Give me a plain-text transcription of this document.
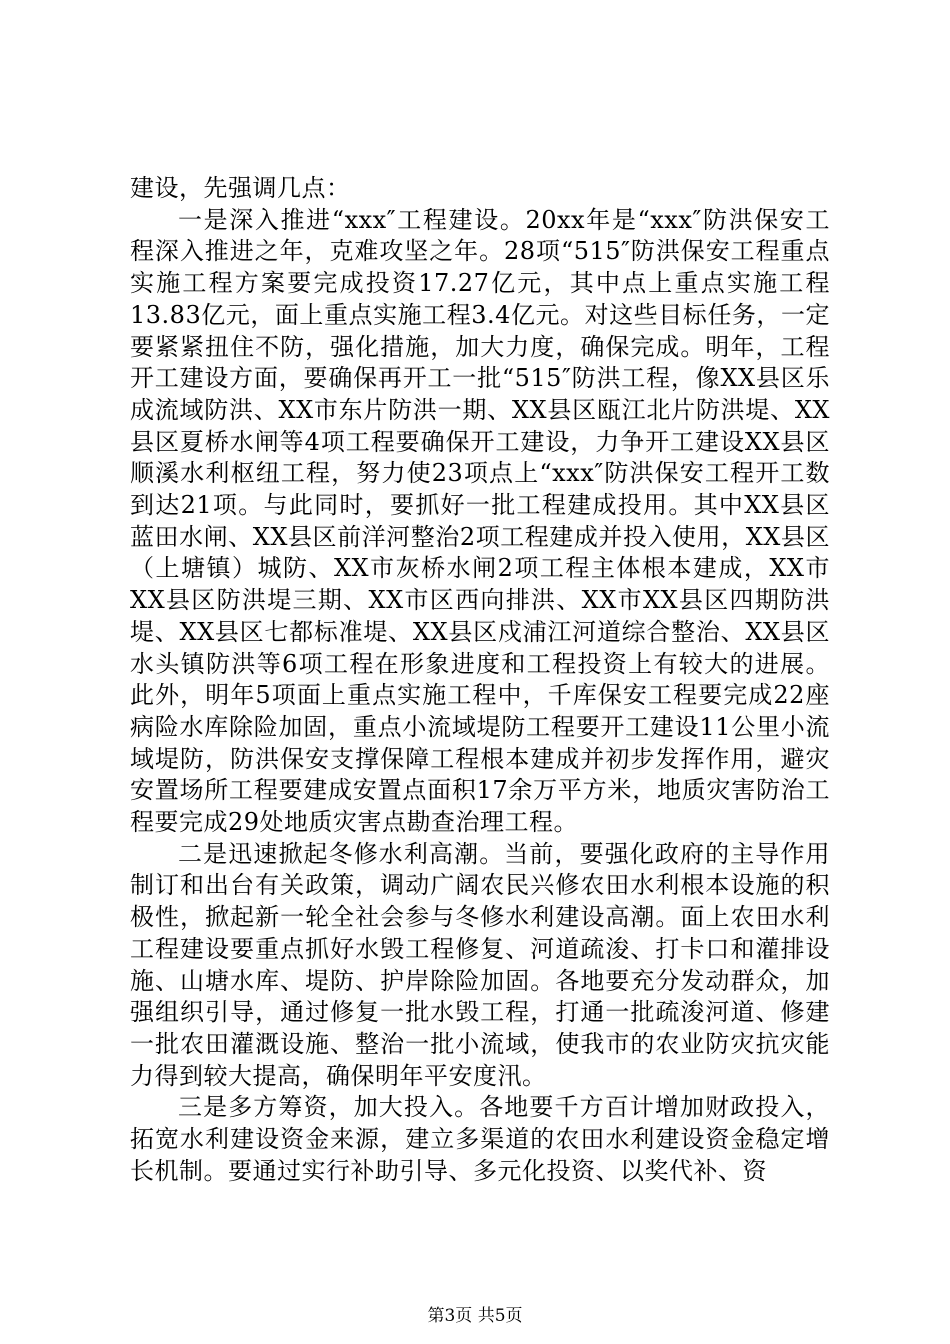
建设，先强调几点：

一是深入推进“xxx″工程建设。20xx年是“xxx″防洪保安工程深入推进之年，克难攻坚之年。28项“515″防洪保安工程重点实施工程方案要完成投资17.27亿元，其中点上重点实施工程13.83亿元，面上重点实施工程3.4亿元。对这些目标任务，一定要紧紧扭住不防，强化措施，加大力度，确保完成。明年，工程开工建设方面，要确保再开工一批“515″防洪工程，像XX县区乐成流域防洪、XX市东片防洪一期、XX县区瓯江北片防洪堤、XX县区夏桥水闸等4项工程要确保开工建设，力争开工建设XX县区顺溪水利枢纽工程，努力使23项点上“xxx″防洪保安工程开工数到达21项。与此同时，要抓好一批工程建成投用。其中XX县区蓝田水闸、XX县区前洋河整治2项工程建成并投入使用，XX县区（上塘镇）城防、XX市灰桥水闸2项工程主体根本建成，XX市XX县区防洪堤三期、XX市区西向排洪、XX市XX县区四期防洪堤、XX县区七都标准堤、XX县区戍浦江河道综合整治、XX县区水头镇防洪等6项工程在形象进度和工程投资上有较大的进展。此外，明年5项面上重点实施工程中，千库保安工程要完成22座病险水库除险加固，重点小流域堤防工程要开工建设11公里小流域堤防，防洪保安支撑保障工程根本建成并初步发挥作用，避灾安置场所工程要建成安置点面积17余万平方米，地质灾害防治工程要完成29处地质灾害点勘查治理工程。

二是迅速掀起冬修水利高潮。当前，要强化政府的主导作用制订和出台有关政策，调动广阔农民兴修农田水利根本设施的积极性，掀起新一轮全社会参与冬修水利建设高潮。面上农田水利工程建设要重点抓好水毁工程修复、河道疏浚、打卡口和灌排设施、山塘水库、堤防、护岸除险加固。各地要充分发动群众，加强组织引导，通过修复一批水毁工程，打通一批疏浚河道、修建一批农田灌溉设施、整治一批小流域，使我市的农业防灾抗灾能力得到较大提高，确保明年平安度汛。

三是多方筹资，加大投入。各地要千方百计增加财政投入，拓宽水利建设资金来源，建立多渠道的农田水利建设资金稳定增长机制。要通过实行补助引导、多元化投资、以奖代补、资

第3页 共5页
